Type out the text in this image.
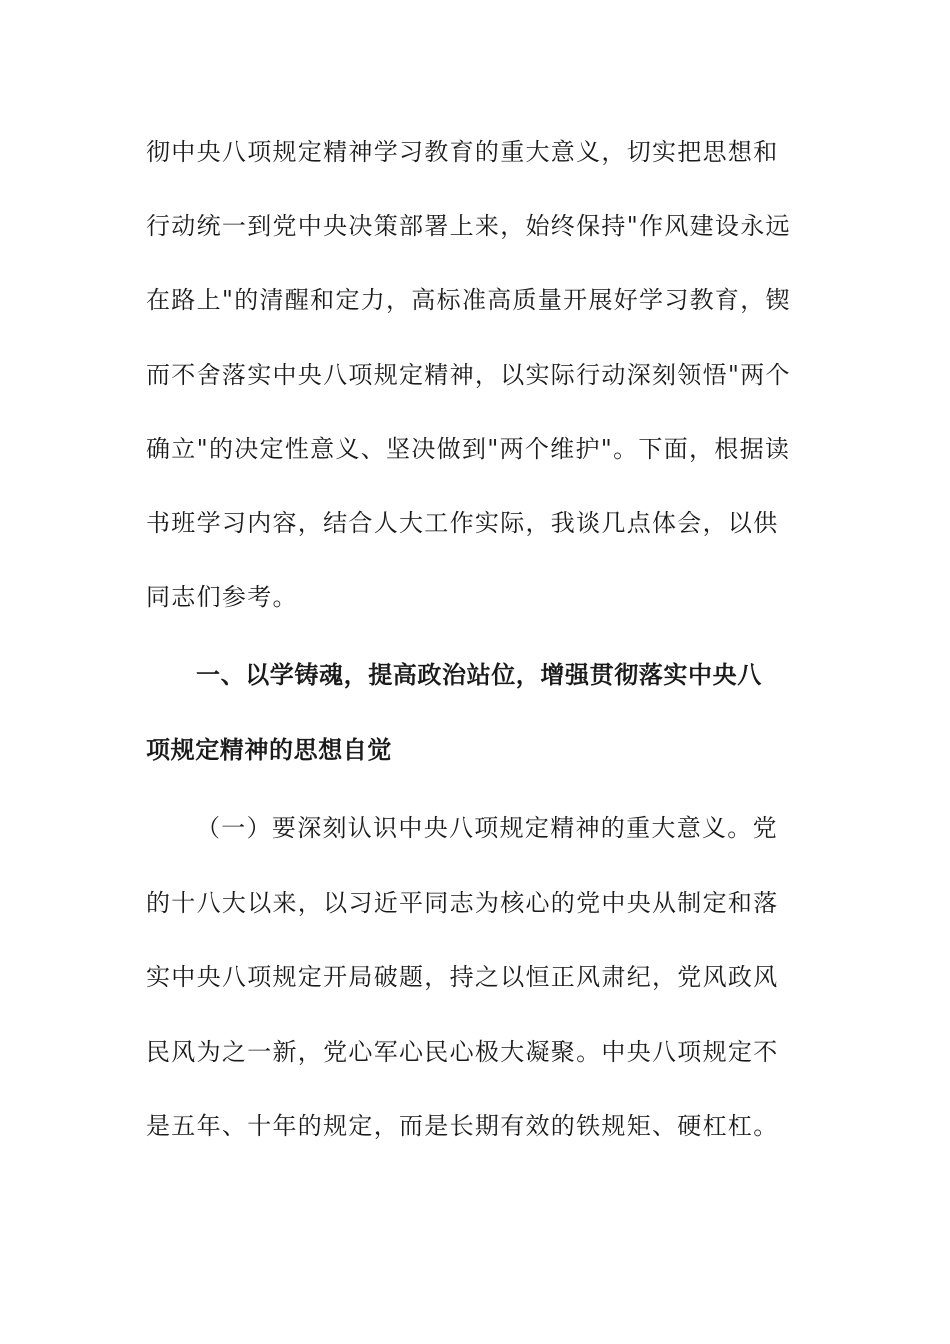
彻中央八项规定精神学习教育的重大意义，切实把思想和
行动统一到党中央决策部署上来，始终保持"作风建设永远
在路上"的清醒和定力，高标准高质量开展好学习教育，锲
而不舍落实中央八项规定精神，以实际行动深刻领悟"两个
确立"的决定性意义、坚决做到"两个维护"。下面，根据读
书班学习内容，结合人大工作实际，我谈几点体会，以供
同志们参考。
一、以学铸魂，提高政治站位，增强贯彻落实中央八
项规定精神的思想自觉
（一）要深刻认识中央八项规定精神的重大意义。党
的十八大以来，以习近平同志为核心的党中央从制定和落
实中央八项规定开局破题，持之以恒正风肃纪，党风政风
民风为之一新，党心军心民心极大凝聚。中央八项规定不
是五年、十年的规定，而是长期有效的铁规矩、硬杠杠。
